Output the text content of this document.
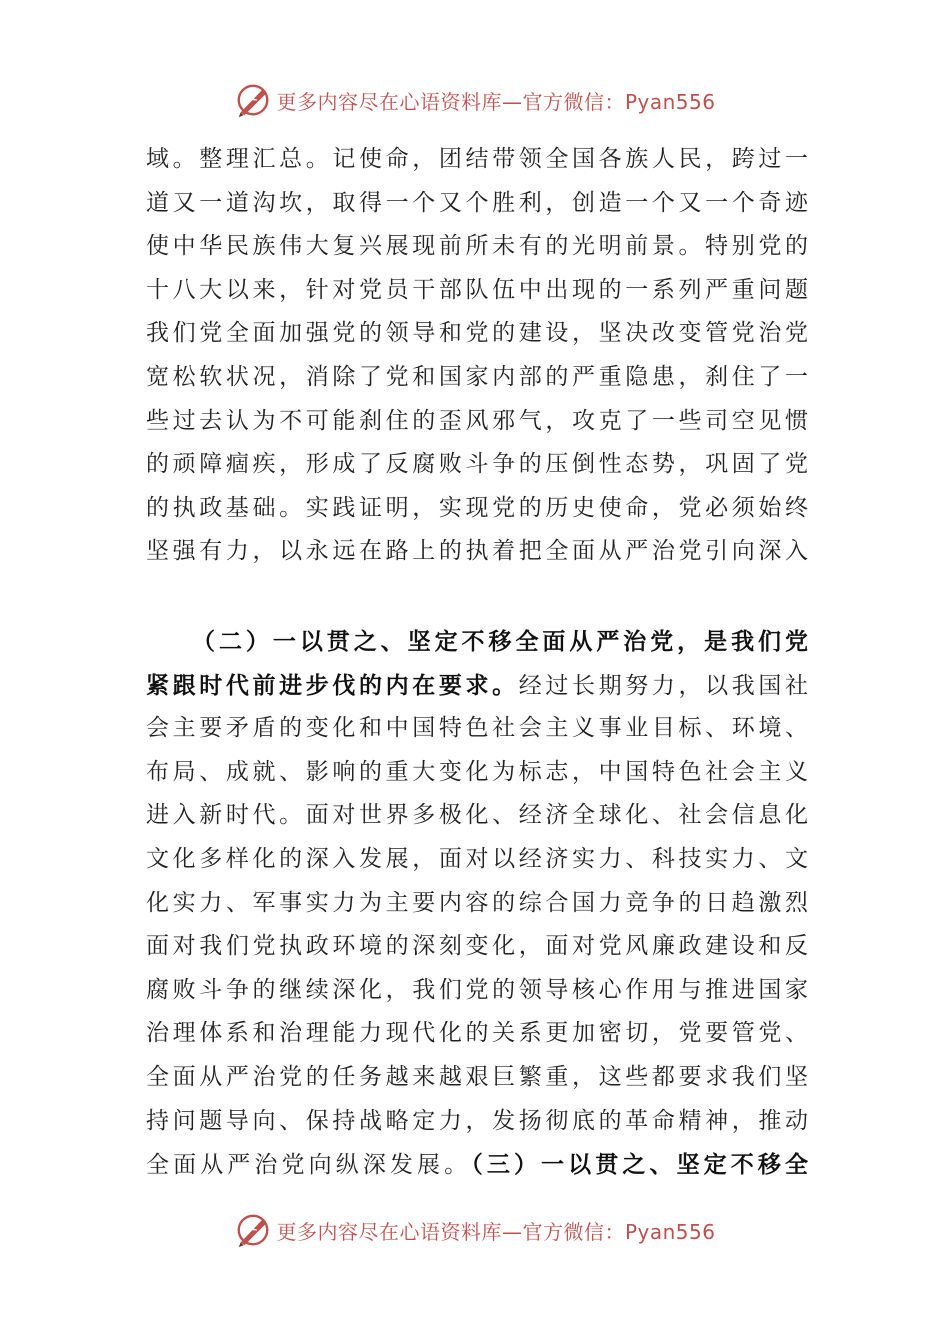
更多内容尽在心语资料库—官方微信：Pyan556
域。整理汇总。记使命，团结带领全国各族人民，跨过一
道又一道沟坎，取得一个又个胜利，创造一个又一个奇迹
使中华民族伟大复兴展现前所未有的光明前景。特别党的
十八大以来，针对党员干部队伍中出现的一系列严重问题
我们党全面加强党的领导和党的建设，坚决改变管党治党
宽松软状况，消除了党和国家内部的严重隐患，刹住了一
些过去认为不可能刹住的歪风邪气，攻克了一些司空见惯
的顽障痼疾，形成了反腐败斗争的压倒性态势，巩固了党
的执政基础。实践证明，实现党的历史使命，党必须始终
坚强有力，以永远在路上的执着把全面从严治党引向深入
（二）一以贯之、坚定不移全面从严治党，是我们党
紧跟时代前进步伐的内在要求。经过长期努力，以我国社
会主要矛盾的变化和中国特色社会主义事业目标、环境、
布局、成就、影响的重大变化为标志，中国特色社会主义
进入新时代。面对世界多极化、经济全球化、社会信息化
文化多样化的深入发展，面对以经济实力、科技实力、文
化实力、军事实力为主要内容的综合国力竞争的日趋激烈
面对我们党执政环境的深刻变化，面对党风廉政建设和反
腐败斗争的继续深化，我们党的领导核心作用与推进国家
治理体系和治理能力现代化的关系更加密切，党要管党、
全面从严治党的任务越来越艰巨繁重，这些都要求我们坚
持问题导向、保持战略定力，发扬彻底的革命精神，推动
全面从严治党向纵深发展。（三）一以贯之、坚定不移全
更多内容尽在心语资料库—官方微信：Pyan556
